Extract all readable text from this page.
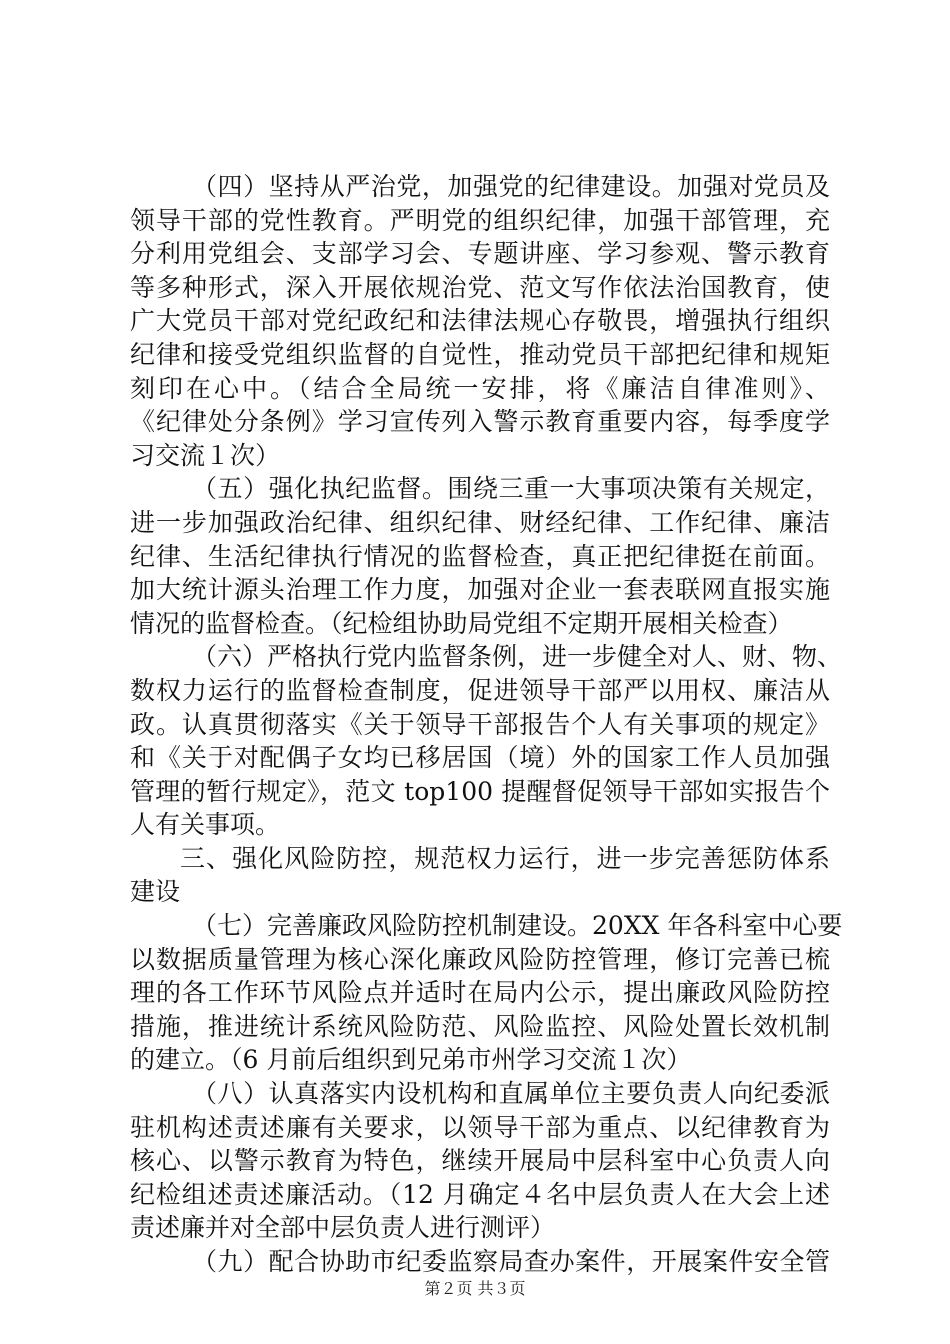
（四）坚持从严治党，加强党的纪律建设。加强对党员及
领导干部的党性教育。严明党的组织纪律，加强干部管理，充
分利用党组会、支部学习会、专题讲座、学习参观、警示教育
等多种形式，深入开展依规治党、范文写作依法治国教育，使
广大党员干部对党纪政纪和法律法规心存敬畏，增强执行组织
纪律和接受党组织监督的自觉性，推动党员干部把纪律和规矩
刻印在心中。（结合全局统一安排，将《廉洁自律准则》、
《纪律处分条例》学习宣传列入警示教育重要内容，每季度学
习交流１次）
（五）强化执纪监督。围绕三重一大事项决策有关规定，
进一步加强政治纪律、组织纪律、财经纪律、工作纪律、廉洁
纪律、生活纪律执行情况的监督检查，真正把纪律挺在前面。
加大统计源头治理工作力度，加强对企业一套表联网直报实施
情况的监督检查。（纪检组协助局党组不定期开展相关检查）
（六）严格执行党内监督条例，进一步健全对人、财、物、
数权力运行的监督检查制度，促进领导干部严以用权、廉洁从
政。认真贯彻落实《关于领导干部报告个人有关事项的规定》
和《关于对配偶子女均已移居国（境）外的国家工作人员加强
管理的暂行规定》，范文 top100 提醒督促领导干部如实报告个
人有关事项。
三、强化风险防控，规范权力运行，进一步完善惩防体系
建设
（七）完善廉政风险防控机制建设。20XX 年各科室中心要
以数据质量管理为核心深化廉政风险防控管理，修订完善已梳
理的各工作环节风险点并适时在局内公示，提出廉政风险防控
措施，推进统计系统风险防范、风险监控、风险处置长效机制
的建立。（6 月前后组织到兄弟市州学习交流１次）
（八）认真落实内设机构和直属单位主要负责人向纪委派
驻机构述责述廉有关要求，以领导干部为重点、以纪律教育为
核心、以警示教育为特色，继续开展局中层科室中心负责人向
纪检组述责述廉活动。（12 月确定４名中层负责人在大会上述
责述廉并对全部中层负责人进行测评）
（九）配合协助市纪委监察局查办案件，开展案件安全管
第２页 共３页
